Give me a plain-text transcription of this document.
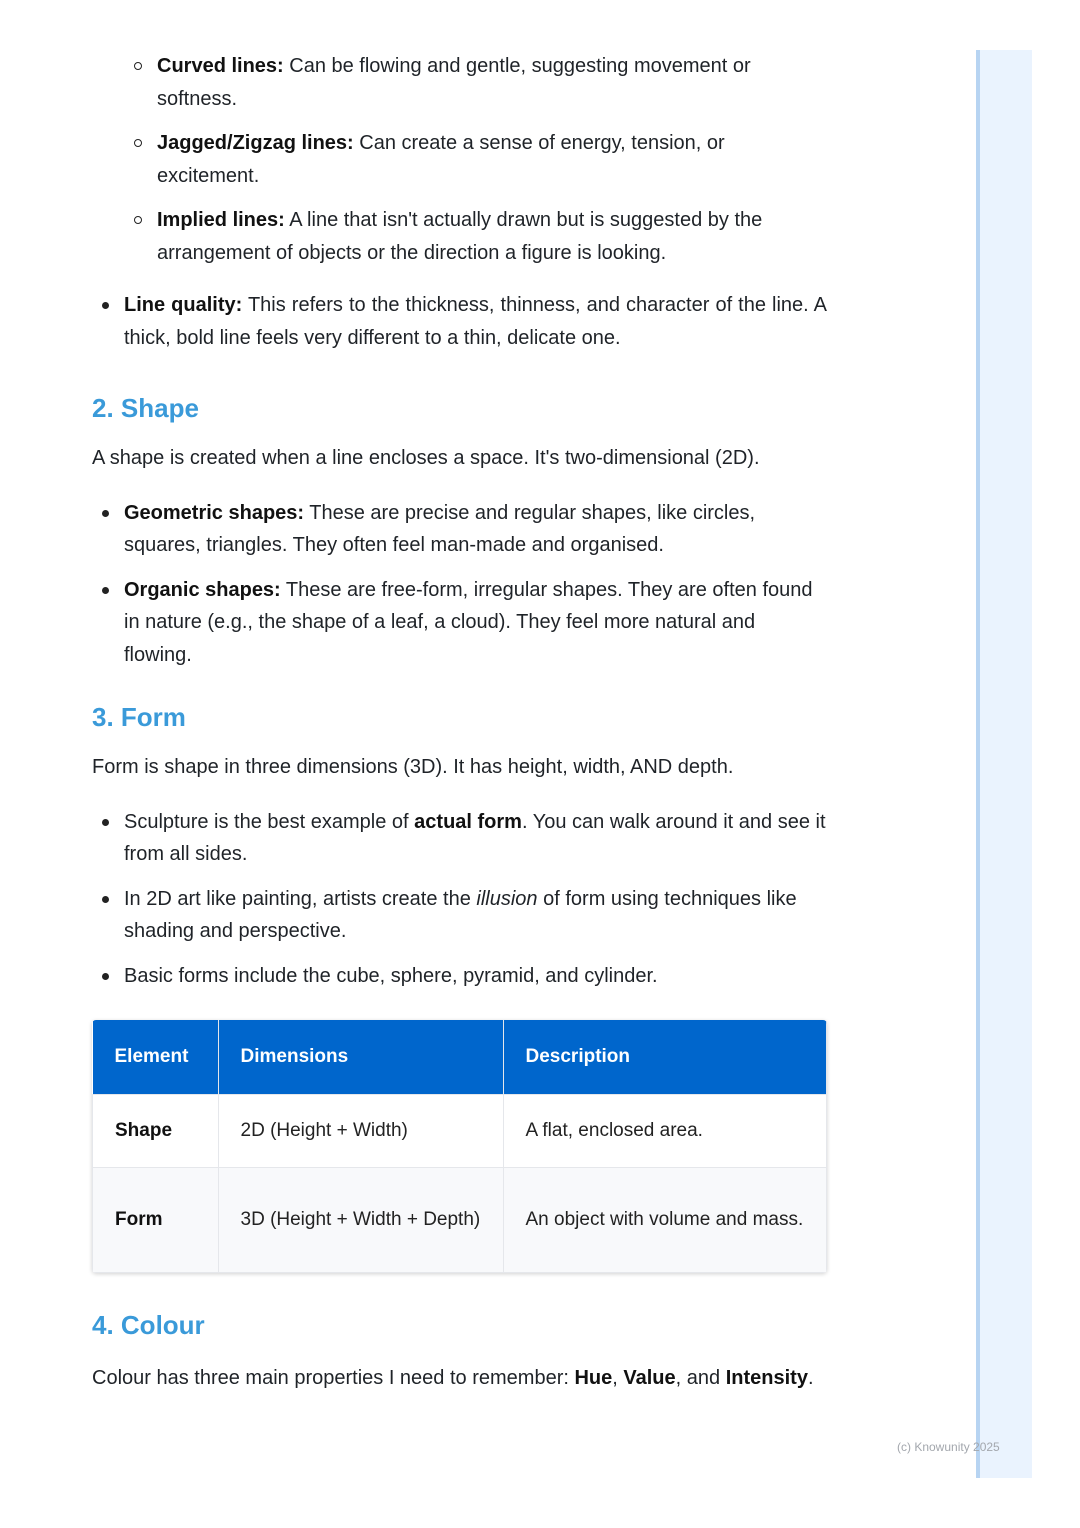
Curved lines: Can be flowing and gentle, suggesting movement or softness.
Jagged/Zigzag lines: Can create a sense of energy, tension, or excitement.
Implied lines: A line that isn't actually drawn but is suggested by the arrangement of objects or the direction a figure is looking.
Line quality: This refers to the thickness, thinness, and character of the line. A thick, bold line feels very different to a thin, delicate one.
2. Shape

A shape is created when a line encloses a space. It's two-dimensional (2D).

Geometric shapes: These are precise and regular shapes, like circles, squares, triangles. They often feel man-made and organised.
Organic shapes: These are free-form, irregular shapes. They are often found in nature (e.g., the shape of a leaf, a cloud). They feel more natural and flowing.
3. Form

Form is shape in three dimensions (3D). It has height, width, AND depth.

Sculpture is the best example of actual form. You can walk around it and see it from all sides.
In 2D art like painting, artists create the illusion of form using techniques like shading and perspective.
Basic forms include the cube, sphere, pyramid, and cylinder.
Element	Dimensions	Description
Shape	2D (Height + Width)	A flat, enclosed area.
Form	3D (Height + Width + Depth)	An object with volume and mass.
4. Colour

Colour has three main properties I need to remember: Hue, Value, and Intensity.

(c) Knowunity 2025
